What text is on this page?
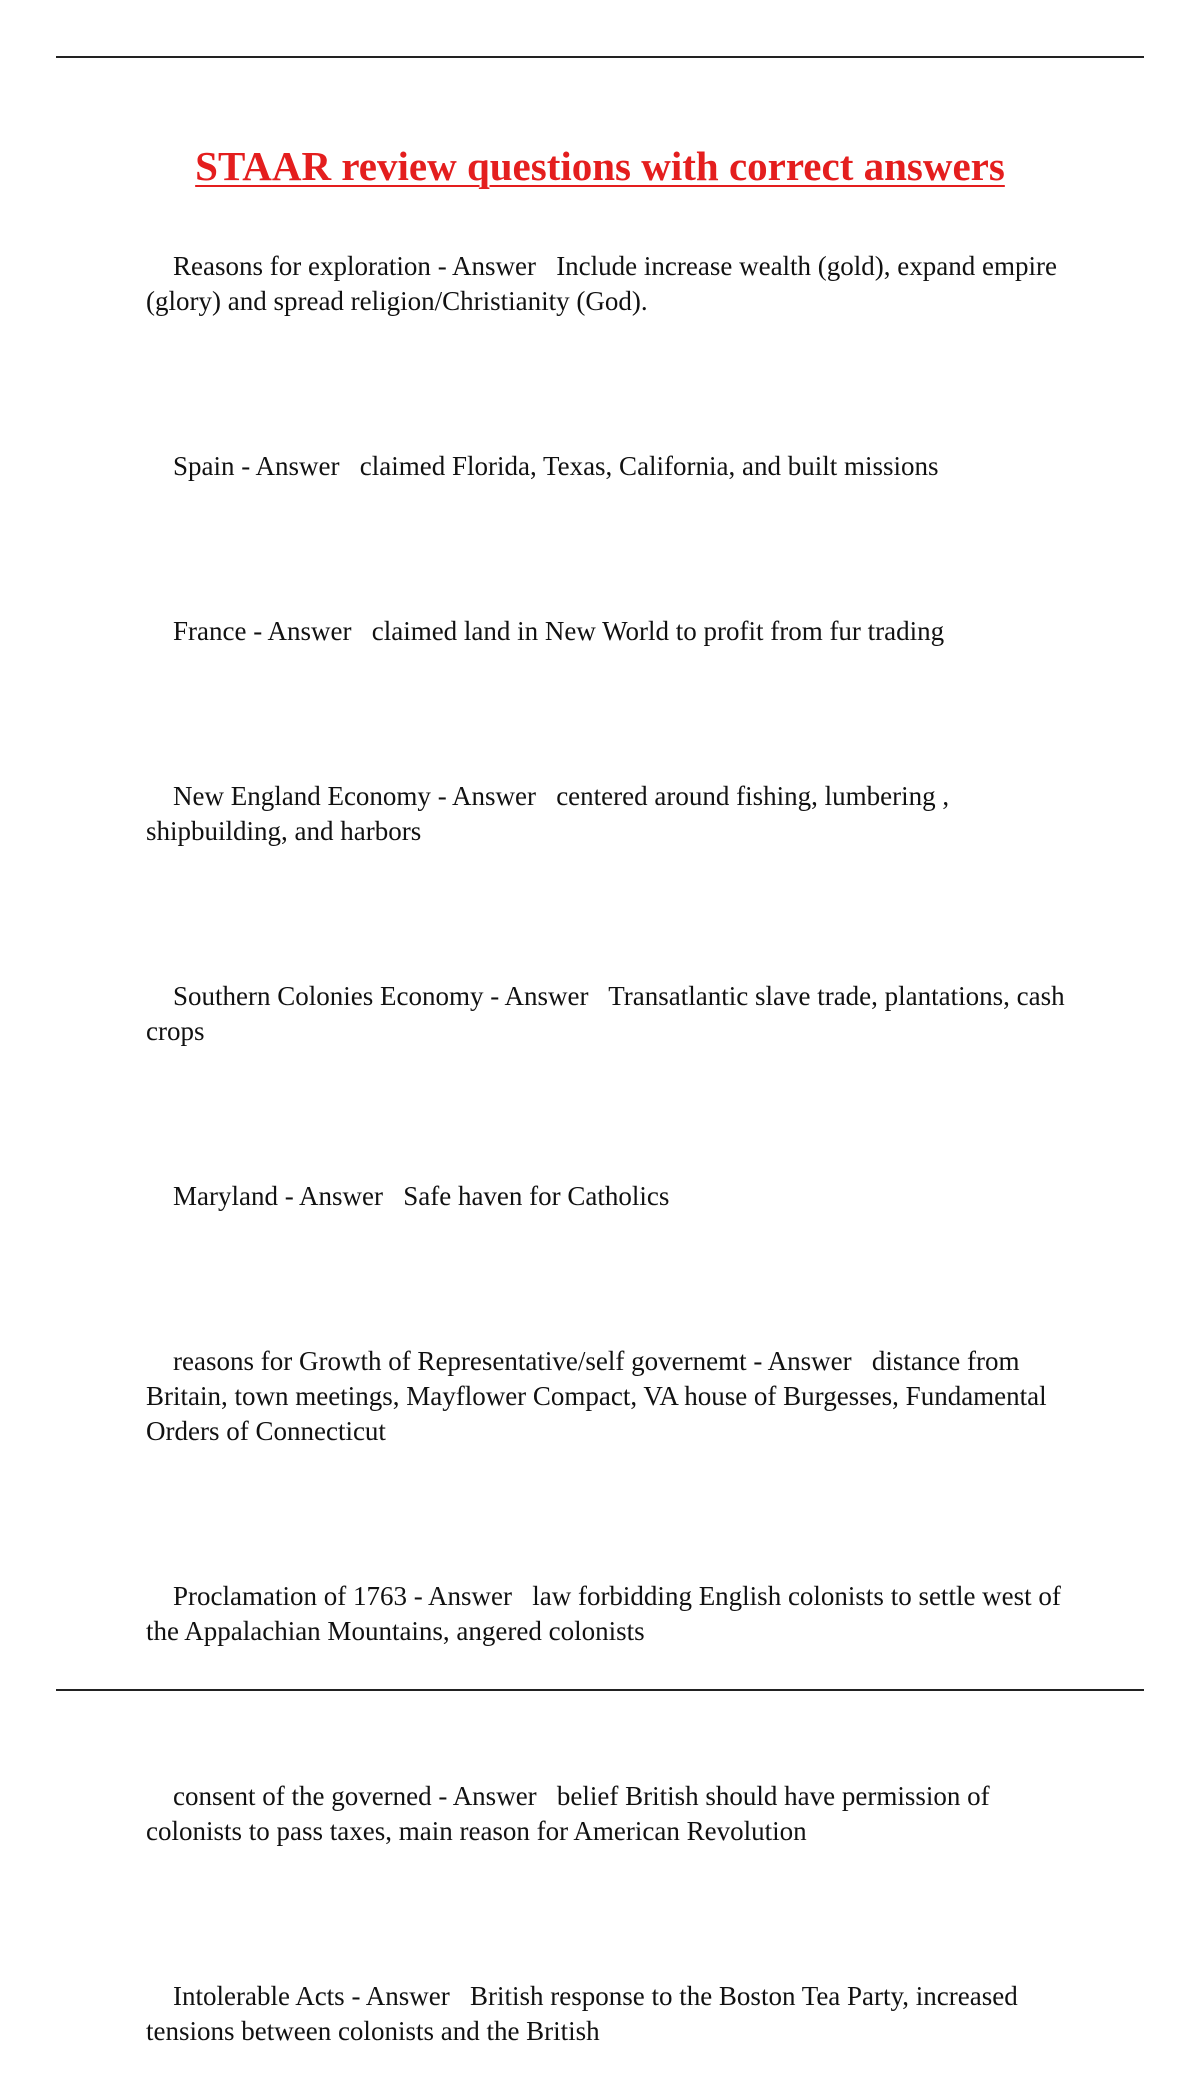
STAAR review questions with correct answers

Reasons for exploration - Answer Include increase wealth (gold), expand empire (glory) and spread religion/Christianity (God).

Spain - Answer claimed Florida, Texas, California, and built missions

France - Answer claimed land in New World to profit from fur trading

New England Economy - Answer centered around fishing, lumbering , shipbuilding, and harbors

Southern Colonies Economy - Answer Transatlantic slave trade, plantations, cash crops

Maryland - Answer Safe haven for Catholics

reasons for Growth of Representative/self governemt - Answer distance from Britain, town meetings, Mayflower Compact, VA house of Burgesses, Fundamental Orders of Connecticut

Proclamation of 1763 - Answer law forbidding English colonists to settle west of the Appalachian Mountains, angered colonists

consent of the governed - Answer belief British should have permission of colonists to pass taxes, main reason for American Revolution

Intolerable Acts - Answer British response to the Boston Tea Party, increased tensions between colonists and the British
